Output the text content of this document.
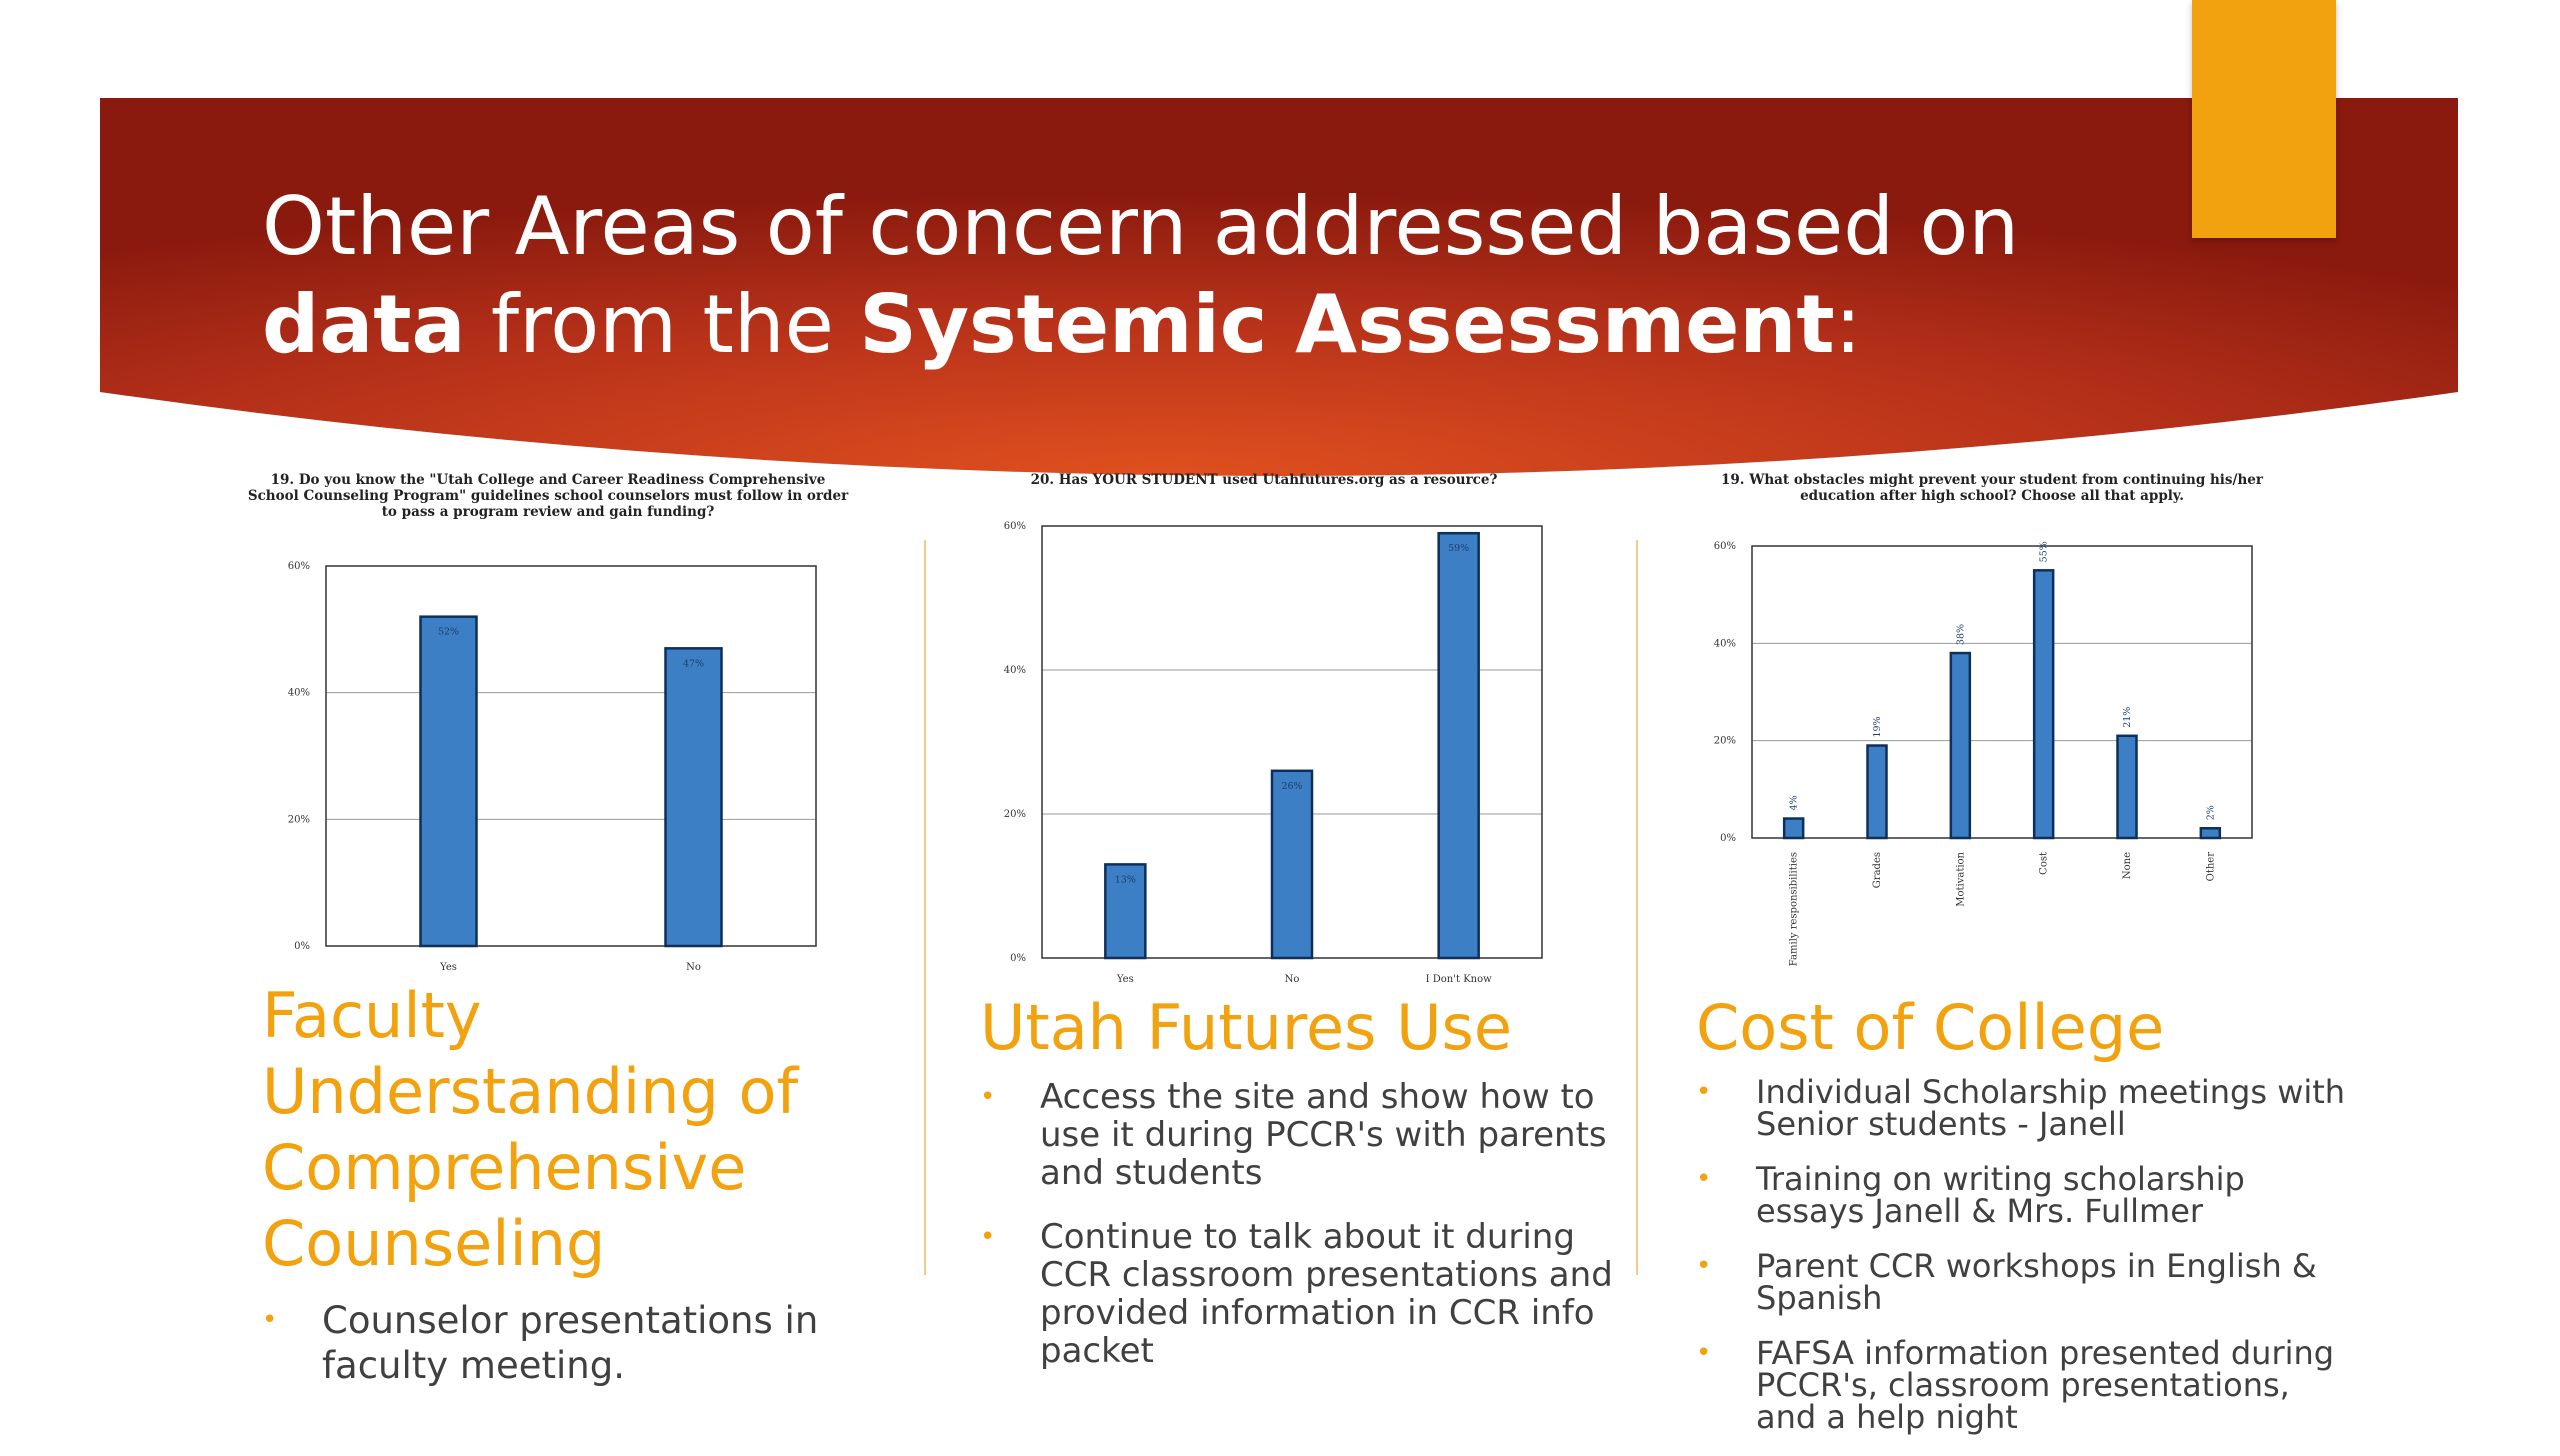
Other Areas of concern addressed based on
data from the Systemic Assessment:
19. Do you know the "Utah College and Career Readiness Comprehensive
School Counseling Program" guidelines school counselors must follow in order
to pass a program review and gain funding?
0%
20%
40%
60%
52%
Yes
47%
No
20. Has YOUR STUDENT used Utahfutures.org as a resource?
0%
20%
40%
60%
13%
Yes
26%
No
59%
I Don't Know
19. What obstacles might prevent your student from continuing his/her
education after high school? Choose all that apply.
0%
20%
40%
60%
4%
Family responsibilities
19%
Grades
38%
Motivation
55%
Cost
21%
None
2%
Other
Faculty Understanding of Comprehensive Counseling
• Counselor presentations in faculty meeting.
Utah Futures Use
• Access the site and show how to use it during PCCR's with parents and students
• Continue to talk about it during CCR classroom presentations and provided information in CCR info packet
Cost of College
• Individual Scholarship meetings with Senior students - Janell
• Training on writing scholarship essays Janell & Mrs. Fullmer
• Parent CCR workshops in English & Spanish
• FAFSA information presented during PCCR's, classroom presentations, and a help night
